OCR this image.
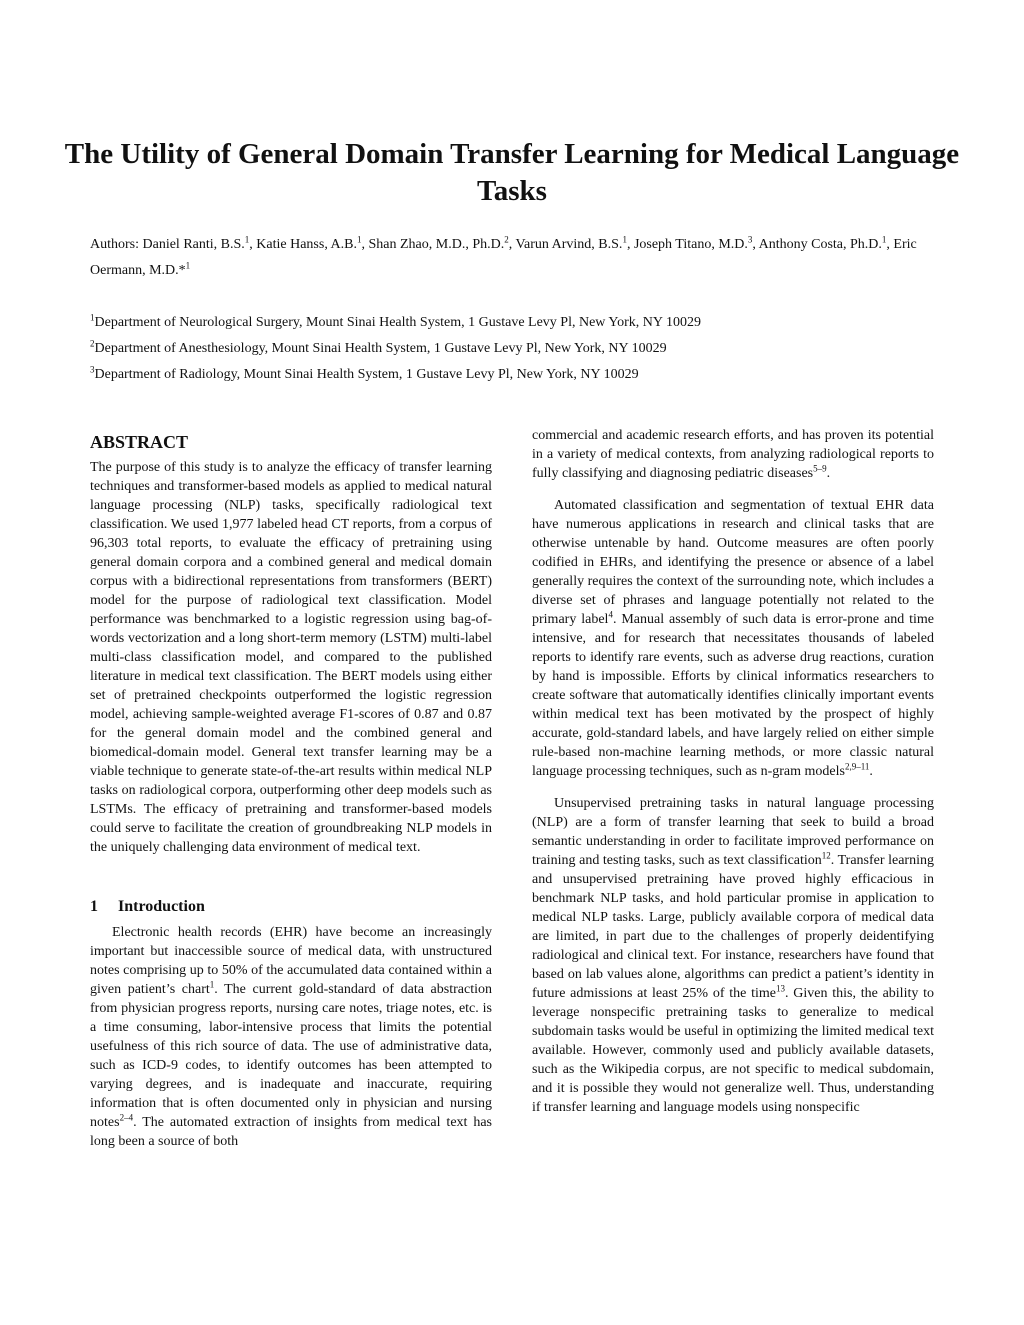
The Utility of General Domain Transfer Learning for Medical Language Tasks
Authors: Daniel Ranti, B.S.$^1$, Katie Hanss, A.B.$^1$, Shan Zhao, M.D., Ph.D.$^2$, Varun Arvind, B.S.$^1$, Joseph Titano, M.D.$^3$, Anthony Costa, Ph.D.$^1$, Eric Oermann, M.D.*$^1$
$^1$Department of Neurological Surgery, Mount Sinai Health System, 1 Gustave Levy Pl, New York, NY 10029
$^2$Department of Anesthesiology, Mount Sinai Health System, 1 Gustave Levy Pl, New York, NY 10029
$^3$Department of Radiology, Mount Sinai Health System, 1 Gustave Levy Pl, New York, NY 10029
ABSTRACT

The purpose of this study is to analyze the efficacy of transfer learning techniques and transformer-based models as applied to medical natural language processing (NLP) tasks, specifically radiological text classification. We used 1,977 labeled head CT reports, from a corpus of 96,303 total reports, to evaluate the efficacy of pretraining using general domain corpora and a combined general and medical domain corpus with a bidirectional representations from transformers (BERT) model for the purpose of radiological text classification. Model performance was benchmarked to a logistic regression using bag-of-words vectorization and a long short-term memory (LSTM) multi-label multi-class classification model, and compared to the published literature in medical text classification. The BERT models using either set of pretrained checkpoints outperformed the logistic regression model, achieving sample-weighted average F1-scores of 0.87 and 0.87 for the general domain model and the combined general and biomedical-domain model. General text transfer learning may be a viable technique to generate state-of-the-art results within medical NLP tasks on radiological corpora, outperforming other deep models such as LSTMs. The efficacy of pretraining and transformer-based models could serve to facilitate the creation of groundbreaking NLP models in the uniquely challenging data environment of medical text.

1 Introduction

Electronic health records (EHR) have become an increasingly important but inaccessible source of medical data, with unstructured notes comprising up to 50% of the accumulated data contained within a given patient’s chart$^1$. The current gold-standard of data abstraction from physician progress reports, nursing care notes, triage notes, etc. is a time consuming, labor-intensive process that limits the potential usefulness of this rich source of data. The use of administrative data, such as ICD-9 codes, to identify outcomes has been attempted to varying degrees, and is inadequate and inaccurate, requiring information that is often documented only in physician and nursing notes$^{2-4}$. The automated extraction of insights from medical text has long been a source of both

commercial and academic research efforts, and has proven its potential in a variety of medical contexts, from analyzing radiological reports to fully classifying and diagnosing pediatric diseases$^{5-9}$.

Automated classification and segmentation of textual EHR data have numerous applications in research and clinical tasks that are otherwise untenable by hand. Outcome measures are often poorly codified in EHRs, and identifying the presence or absence of a label generally requires the context of the surrounding note, which includes a diverse set of phrases and language potentially not related to the primary label$^4$. Manual assembly of such data is error-prone and time intensive, and for research that necessitates thousands of labeled reports to identify rare events, such as adverse drug reactions, curation by hand is impossible. Efforts by clinical informatics researchers to create software that automatically identifies clinically important events within medical text has been motivated by the prospect of highly accurate, gold-standard labels, and have largely relied on either simple rule-based non-machine learning methods, or more classic natural language processing techniques, such as n-gram models$^{2,9-11}$.

Unsupervised pretraining tasks in natural language processing (NLP) are a form of transfer learning that seek to build a broad semantic understanding in order to facilitate improved performance on training and testing tasks, such as text classification$^{12}$. Transfer learning and unsupervised pretraining have proved highly efficacious in benchmark NLP tasks, and hold particular promise in application to medical NLP tasks. Large, publicly available corpora of medical data are limited, in part due to the challenges of properly deidentifying radiological and clinical text. For instance, researchers have found that based on lab values alone, algorithms can predict a patient’s identity in future admissions at least 25% of the time$^{13}$. Given this, the ability to leverage nonspecific pretraining tasks to generalize to medical subdomain tasks would be useful in optimizing the limited medical text available. However, commonly used and publicly available datasets, such as the Wikipedia corpus, are not specific to medical subdomain, and it is possible they would not generalize well. Thus, understanding if transfer learning and language models using nonspecific
